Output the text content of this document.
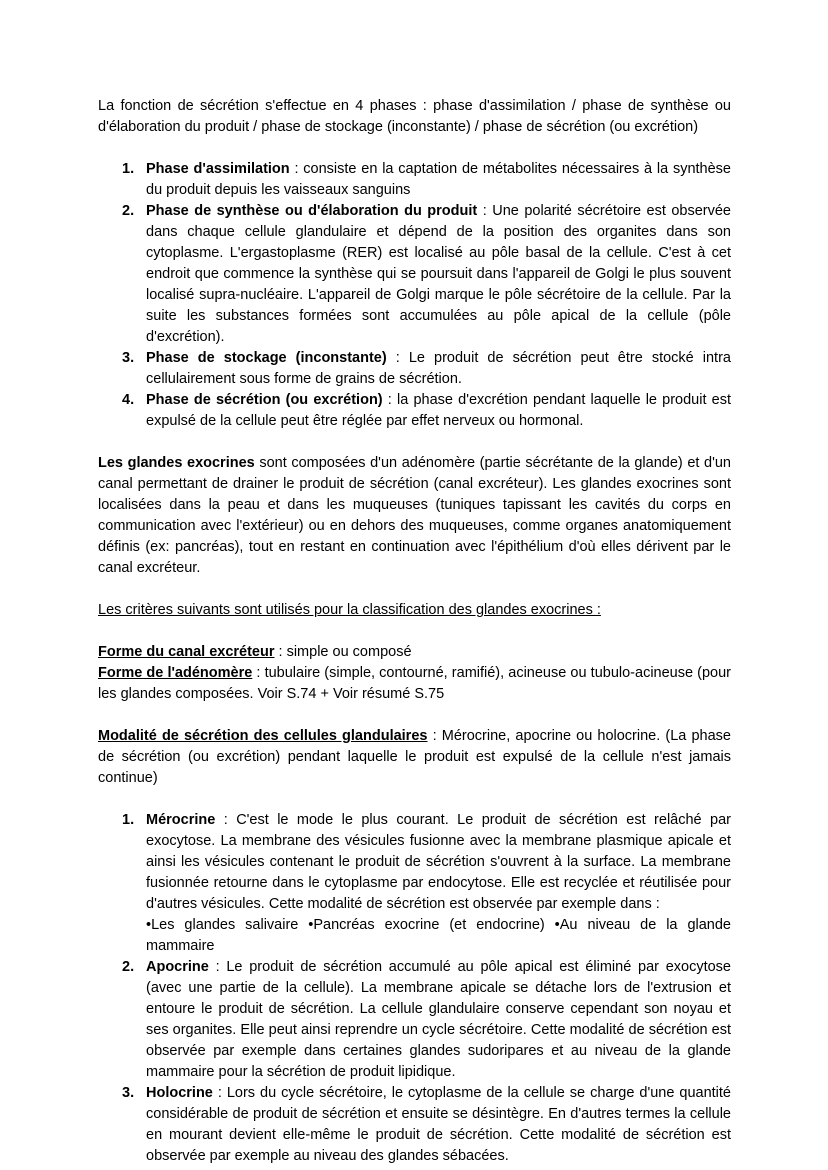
La fonction de sécrétion s'effectue en 4 phases : phase d'assimilation / phase de synthèse ou d'élaboration du produit / phase de stockage (inconstante) / phase de sécrétion (ou excrétion)

1. Phase d'assimilation : consiste en la captation de métabolites nécessaires à la synthèse du produit depuis les vaisseaux sanguins
2. Phase de synthèse ou d'élaboration du produit : Une polarité sécrétoire est observée dans chaque cellule glandulaire et dépend de la position des organites dans son cytoplasme. L'ergastoplasme (RER) est localisé au pôle basal de la cellule. C'est à cet endroit que commence la synthèse qui se poursuit dans l'appareil de Golgi le plus souvent localisé supra-nucléaire. L'appareil de Golgi marque le pôle sécrétoire de la cellule. Par la suite les substances formées sont accumulées au pôle apical de la cellule (pôle d'excrétion).
3. Phase de stockage (inconstante) : Le produit de sécrétion peut être stocké intra cellulairement sous forme de grains de sécrétion.
4. Phase de sécrétion (ou excrétion) : la phase d'excrétion pendant laquelle le produit est expulsé de la cellule peut être réglée par effet nerveux ou hormonal.

Les glandes exocrines sont composées d'un adénomère (partie sécrétante de la glande) et d'un canal permettant de drainer le produit de sécrétion (canal excréteur). Les glandes exocrines sont localisées dans la peau et dans les muqueuses (tuniques tapissant les cavités du corps en communication avec l'extérieur) ou en dehors des muqueuses, comme organes anatomiquement définis (ex: pancréas), tout en restant en continuation avec l'épithélium d'où elles dérivent par le canal excréteur.

Les critères suivants sont utilisés pour la classification des glandes exocrines :

Forme du canal excréteur : simple ou composé

Forme de l'adénomère : tubulaire (simple, contourné, ramifié), acineuse ou tubulo-acineuse (pour les glandes composées. Voir S.74 + Voir résumé S.75

Modalité de sécrétion des cellules glandulaires : Mérocrine, apocrine ou holocrine. (La phase de sécrétion (ou excrétion) pendant laquelle le produit est expulsé de la cellule n'est jamais continue)

1. Mérocrine : C'est le mode le plus courant. Le produit de sécrétion est relâché par exocytose. La membrane des vésicules fusionne avec la membrane plasmique apicale et ainsi les vésicules contenant le produit de sécrétion s'ouvrent à la surface. La membrane fusionnée retourne dans le cytoplasme par endocytose. Elle est recyclée et réutilisée pour d'autres vésicules. Cette modalité de sécrétion est observée par exemple dans :
•Les glandes salivaire •Pancréas exocrine (et endocrine) •Au niveau de la glande mammaire
2. Apocrine : Le produit de sécrétion accumulé au pôle apical est éliminé par exocytose (avec une partie de la cellule). La membrane apicale se détache lors de l'extrusion et entoure le produit de sécrétion. La cellule glandulaire conserve cependant son noyau et ses organites. Elle peut ainsi reprendre un cycle sécrétoire. Cette modalité de sécrétion est observée par exemple dans certaines glandes sudoripares et au niveau de la glande mammaire pour la sécrétion de produit lipidique.
3. Holocrine : Lors du cycle sécrétoire, le cytoplasme de la cellule se charge d'une quantité considérable de produit de sécrétion et ensuite se désintègre. En d'autres termes la cellule en mourant devient elle-même le produit de sécrétion. Cette modalité de sécrétion est observée par exemple au niveau des glandes sébacées.
